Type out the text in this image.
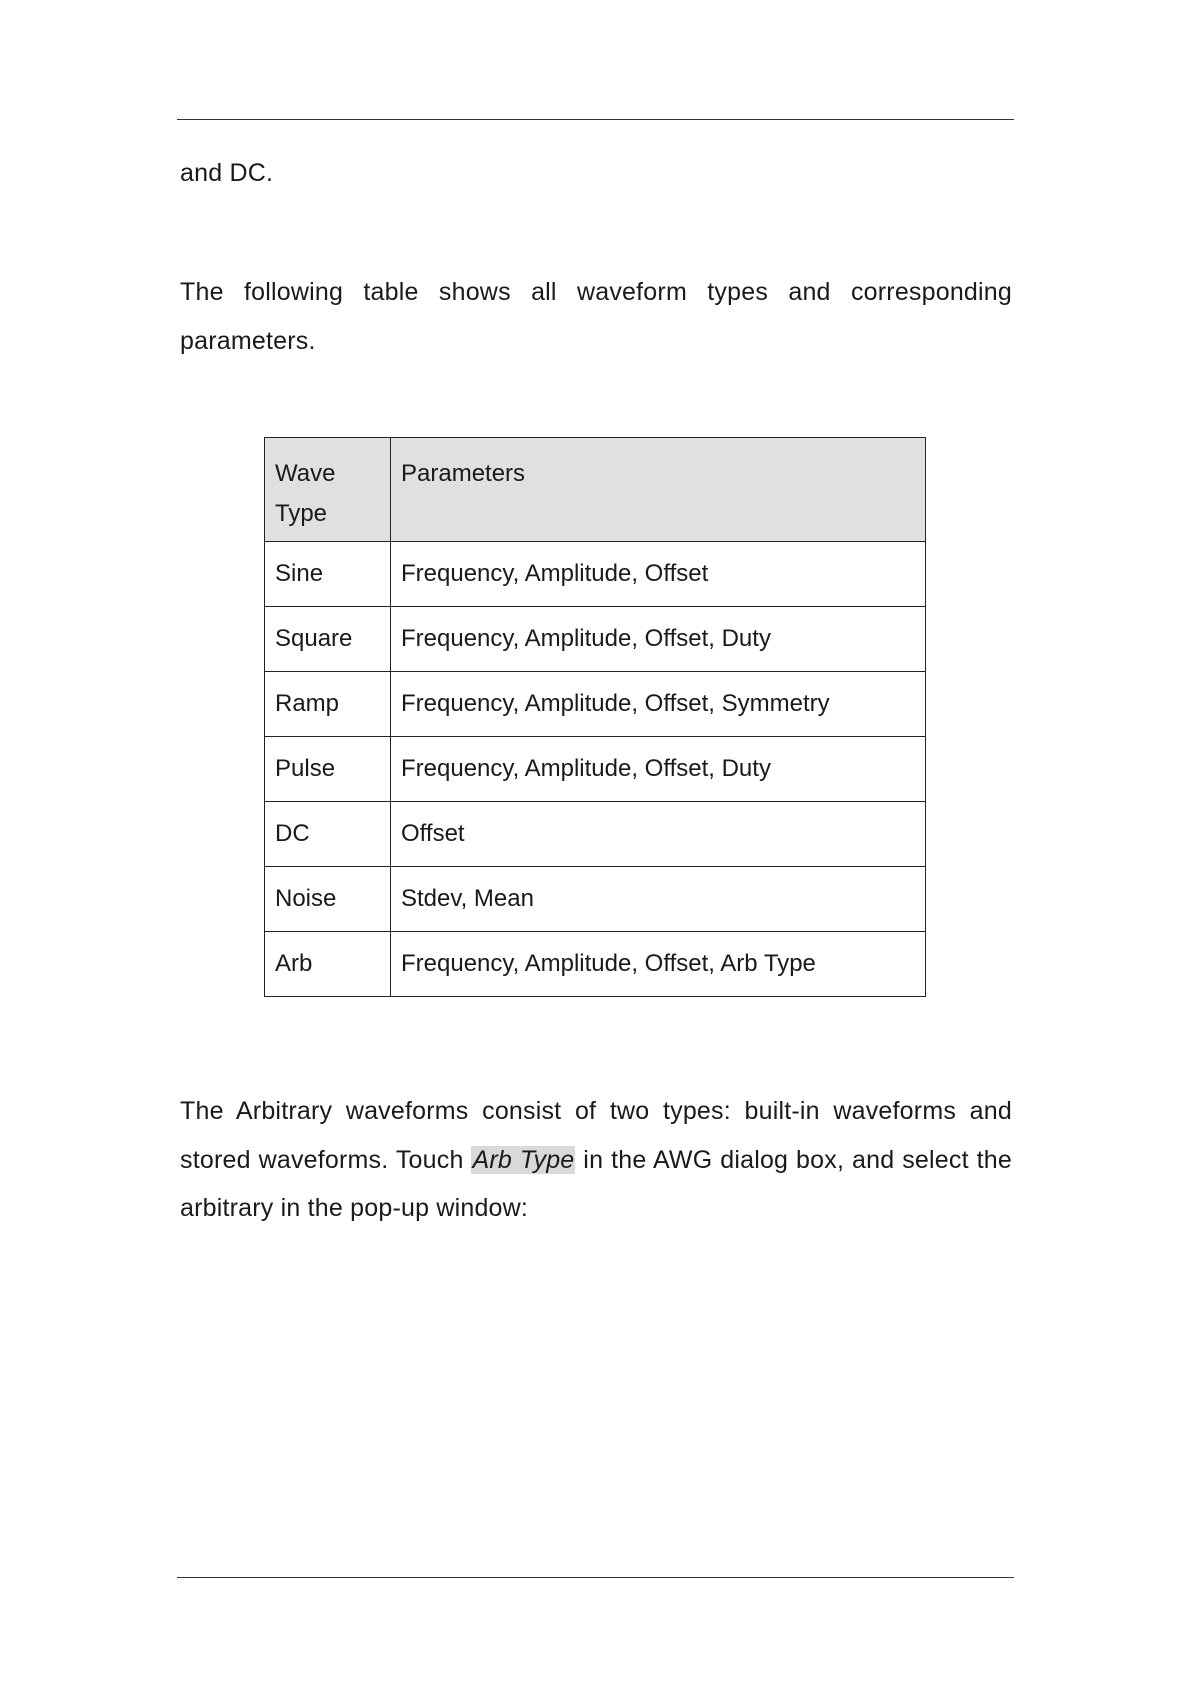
and DC.

The following table shows all waveform types and corresponding parameters.

Wave
Type	Parameters
Sine	Frequency, Amplitude, Offset
Square	Frequency, Amplitude, Offset, Duty
Ramp	Frequency, Amplitude, Offset, Symmetry
Pulse	Frequency, Amplitude, Offset, Duty
DC	Offset
Noise	Stdev, Mean
Arb	Frequency, Amplitude, Offset, Arb Type

The Arbitrary waveforms consist of two types: built-in waveforms and stored waveforms. Touch Arb Type in the AWG dialog box, and select the arbitrary in the pop-up window:
